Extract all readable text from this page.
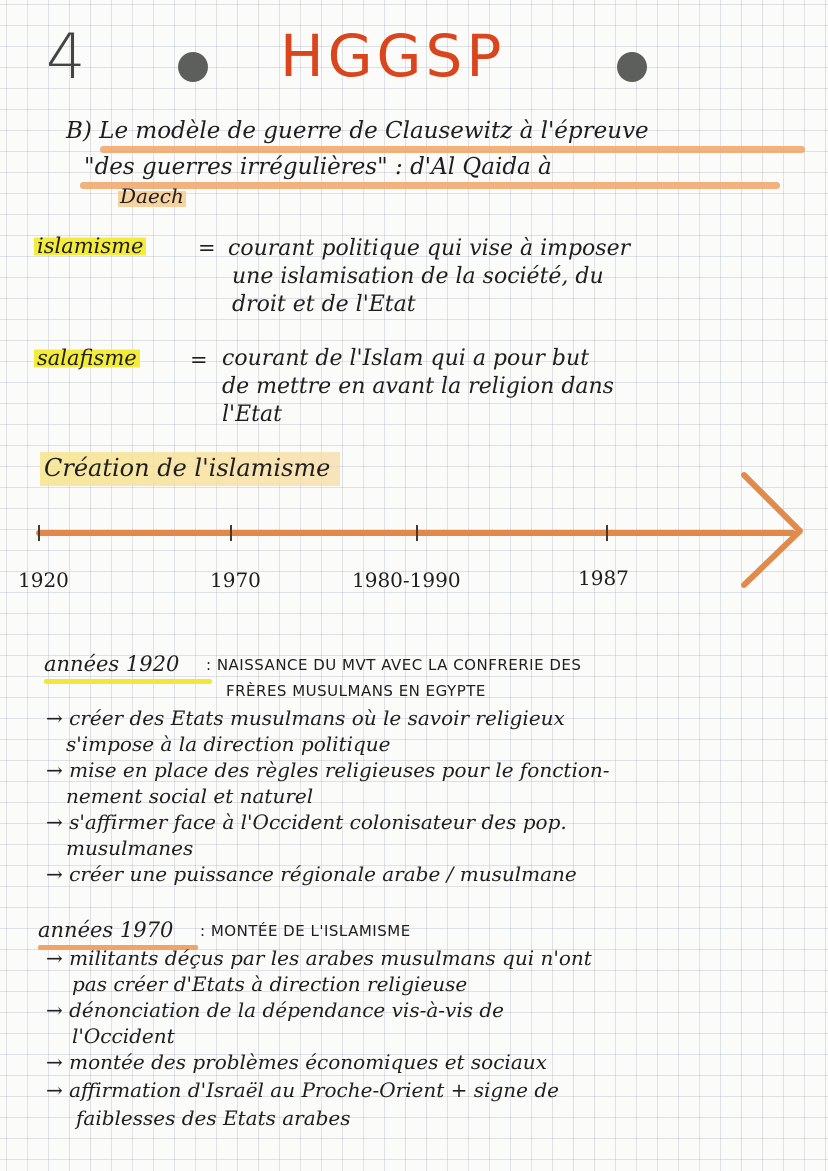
4	HGGSP
B) Le modèle de guerre de Clausewitz à l'épreuve
"des guerres irrégulières" : d'Al Qaida à
Daech
islamisme	= courant politique qui vise à imposer
une islamisation de la société, du
droit et de l'Etat
salafisme	= courant de l'Islam qui a pour but
de mettre en avant la religion dans
l'Etat
Création de l'islamisme
1920	1970	1980-1990	1987
années 1920 : NAISSANCE DU MVT AVEC LA CONFRERIE DES
FRÈRES MUSULMANS EN EGYPTE
→ créer des Etats musulmans où le savoir religieux
s'impose à la direction politique
→ mise en place des règles religieuses pour le fonction-
nement social et naturel
→ s'affirmer face à l'Occident colonisateur des pop.
musulmanes
→ créer une puissance régionale arabe / musulmane
années 1970 : MONTÉE DE L'ISLAMISME
→ militants déçus par les arabes musulmans qui n'ont
pas créer d'Etats à direction religieuse
→ dénonciation de la dépendance vis-à-vis de
l'Occident
→ montée des problèmes économiques et sociaux
→ affirmation d'Israël au Proche-Orient + signe de
faiblesses des Etats arabes
